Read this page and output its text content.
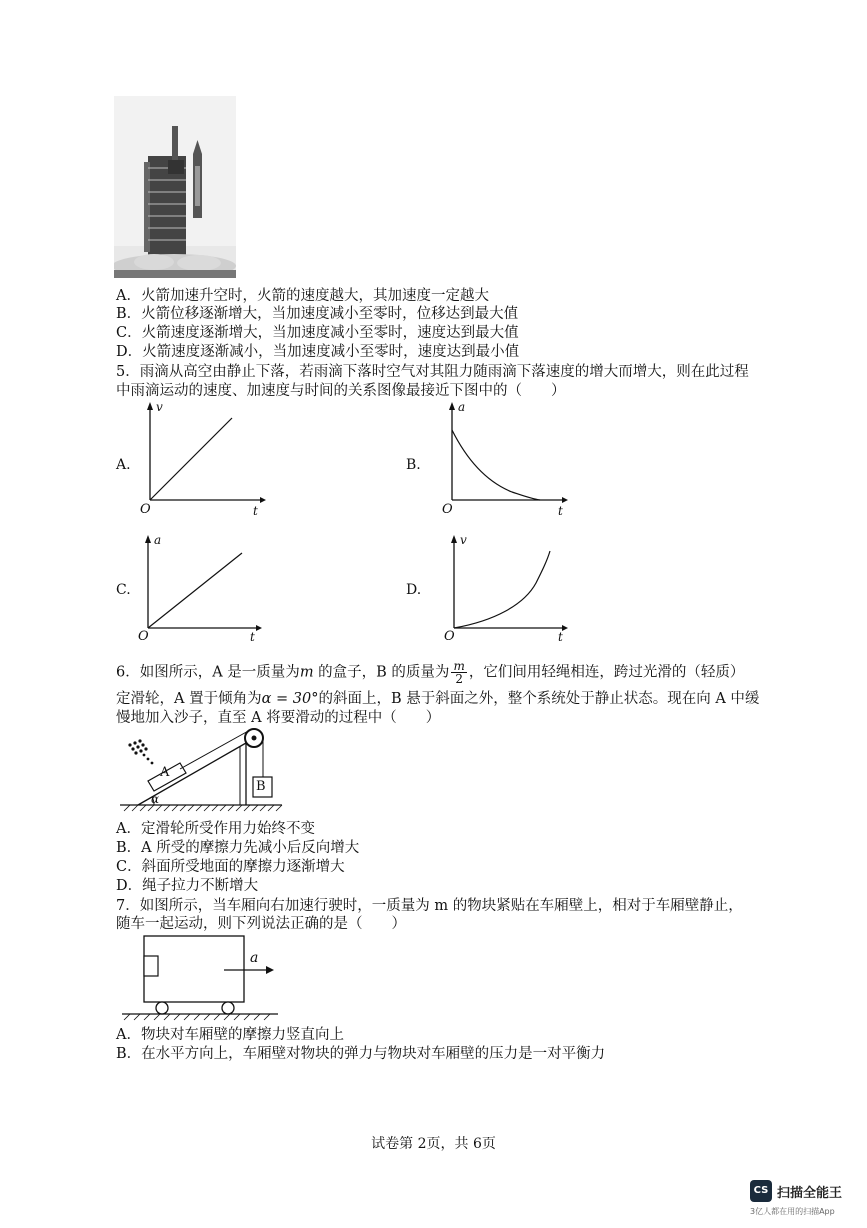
A．火箭加速升空时，火箭的速度越大，其加速度一定越大
B．火箭位移逐渐增大，当加速度减小至零时，位移达到最大值
C．火箭速度逐渐增大，当加速度减小至零时，速度达到最大值
D．火箭速度逐渐减小，当加速度减小至零时，速度达到最小值
5．雨滴从高空由静止下落，若雨滴下落时空气对其阻力随雨滴下落速度的增大而增大，则在此过程
中雨滴运动的速度、加速度与时间的关系图像最接近下图中的（　　）
A.
v
t
O
B.
a
t
O
C.
a
t
O
D.
v
t
O
6．如图所示，A 是一质量为m 的盒子，B 的质量为 $\frac{m}{2}$ ，它们间用轻绳相连，跨过光滑的（轻质）
定滑轮，A 置于倾角为α = 30°的斜面上，B 悬于斜面之外，整个系统处于静止状态。现在向 A 中缓
慢地加入沙子，直至 A 将要滑动的过程中（　　）
A
B
α
A．定滑轮所受作用力始终不变
B．A 所受的摩擦力先减小后反向增大
C．斜面所受地面的摩擦力逐渐增大
D．绳子拉力不断增大
7．如图所示，当车厢向右加速行驶时，一质量为 m 的物块紧贴在车厢壁上，相对于车厢壁静止，
随车一起运动，则下列说法正确的是（　　）
a
A．物块对车厢壁的摩擦力竖直向上
B．在水平方向上，车厢壁对物块的弹力与物块对车厢壁的压力是一对平衡力
试卷第 2页，共 6页
CS 扫描全能王
3亿人都在用的扫描App
